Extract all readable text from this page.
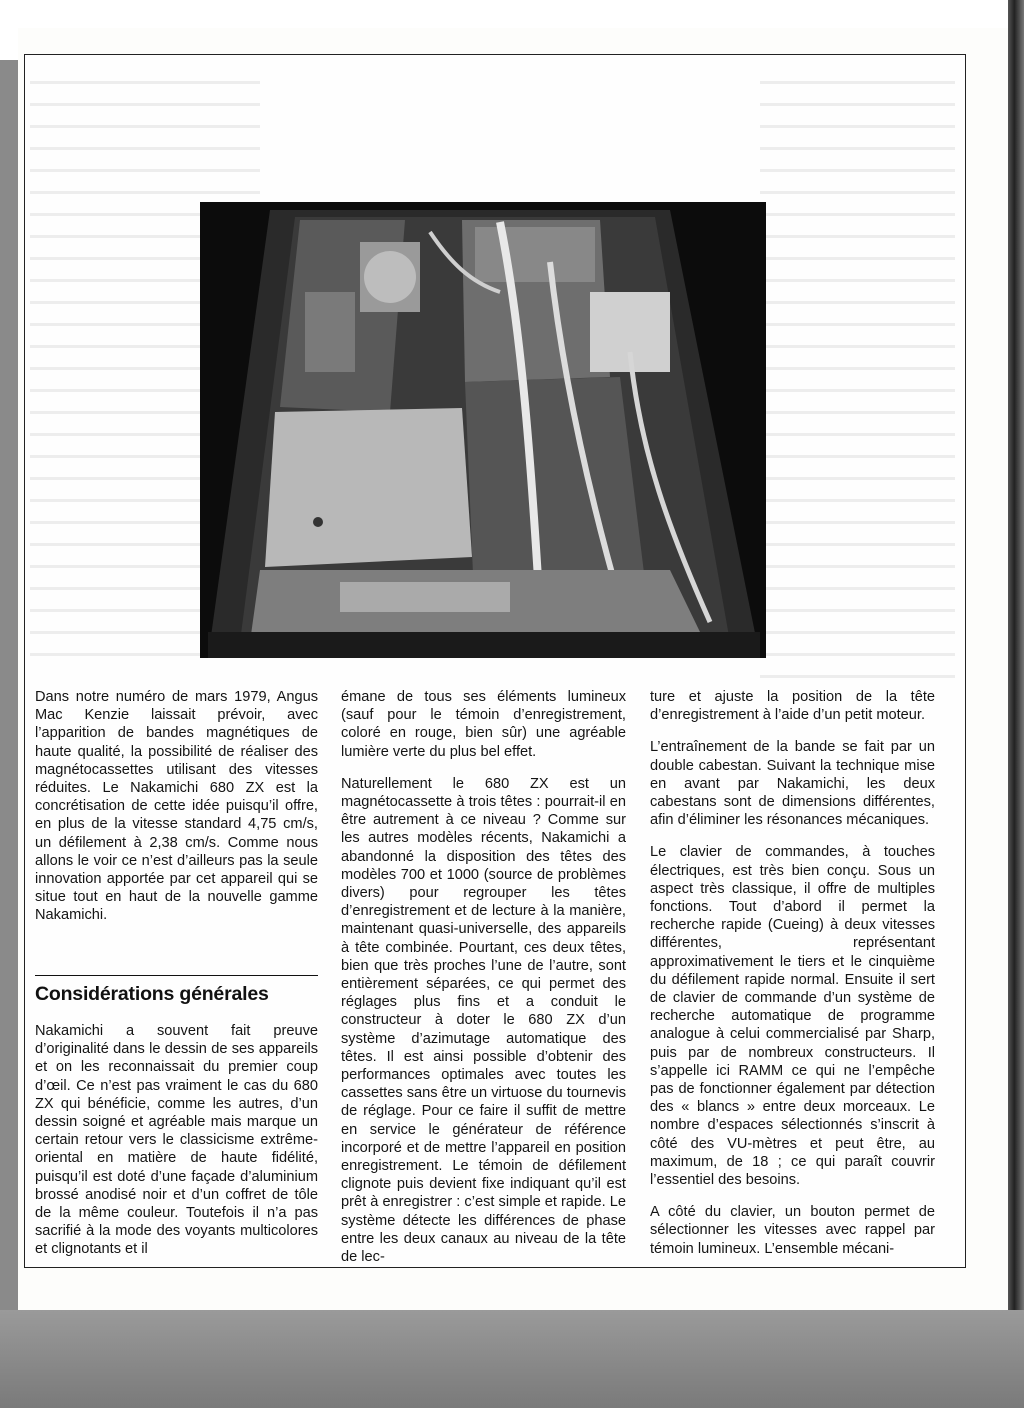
Dans notre numéro de mars 1979, Angus Mac Kenzie laissait prévoir, avec l’apparition de bandes magnétiques de haute qualité, la possibilité de réaliser des magnétocassettes utilisant des vitesses réduites. Le Nakamichi 680 ZX est la concrétisation de cette idée puisqu’il offre, en plus de la vitesse standard 4,75 cm/s, un défilement à 2,38 cm/s. Comme nous allons le voir ce n’est d’ailleurs pas la seule innovation apportée par cet appareil qui se situe tout en haut de la nouvelle gamme Nakamichi.

Considérations générales

Nakamichi a souvent fait preuve d’originalité dans le dessin de ses appareils et on les reconnaissait du premier coup d’œil. Ce n’est pas vraiment le cas du 680 ZX qui bénéficie, comme les autres, d’un dessin soigné et agréable mais marque un certain retour vers le classicisme extrême-oriental en matière de haute fidélité, puisqu’il est doté d’une façade d’aluminium brossé anodisé noir et d’un coffret de tôle de la même couleur. Toutefois il n’a pas sacrifié à la mode des voyants multicolores et clignotants et il

émane de tous ses éléments lumineux (sauf pour le témoin d’enregistrement, coloré en rouge, bien sûr) une agréable lumière verte du plus bel effet.

Naturellement le 680 ZX est un magnétocassette à trois têtes : pourrait-il en être autrement à ce niveau ? Comme sur les autres modèles récents, Nakamichi a abandonné la disposition des têtes des modèles 700 et 1000 (source de problèmes divers) pour regrouper les têtes d’enregistrement et de lecture à la manière, maintenant quasi-universelle, des appareils à tête combinée. Pourtant, ces deux têtes, bien que très proches l’une de l’autre, sont entièrement séparées, ce qui permet des réglages plus fins et a conduit le constructeur à doter le 680 ZX d’un système d’azimutage automatique des têtes. Il est ainsi possible d’obtenir des performances optimales avec toutes les cassettes sans être un virtuose du tournevis de réglage. Pour ce faire il suffit de mettre en service le générateur de référence incorporé et de mettre l’appareil en position enregistrement. Le témoin de défilement clignote puis devient fixe indiquant qu’il est prêt à enregistrer : c’est simple et rapide. Le système détecte les différences de phase entre les deux canaux au niveau de la tête de lec-

ture et ajuste la position de la tête d’enregistrement à l’aide d’un petit moteur.

L’entraînement de la bande se fait par un double cabestan. Suivant la technique mise en avant par Nakamichi, les deux cabestans sont de dimensions différentes, afin d’éliminer les résonances mécaniques.

Le clavier de commandes, à touches électriques, est très bien conçu. Sous un aspect très classique, il offre de multiples fonctions. Tout d’abord il permet la recherche rapide (Cueing) à deux vitesses différentes, représentant approximativement le tiers et le cinquième du défilement rapide normal. Ensuite il sert de clavier de commande d’un système de recherche automatique de programme analogue à celui commercialisé par Sharp, puis par de nombreux constructeurs. Il s’appelle ici RAMM ce qui ne l’empêche pas de fonctionner également par détection des « blancs » entre deux morceaux. Le nombre d’espaces sélectionnés s’inscrit à côté des VU-mètres et peut être, au maximum, de 18 ; ce qui paraît couvrir l’essentiel des besoins.

A côté du clavier, un bouton permet de sélectionner les vitesses avec rappel par témoin lumineux. L’ensemble mécani-
